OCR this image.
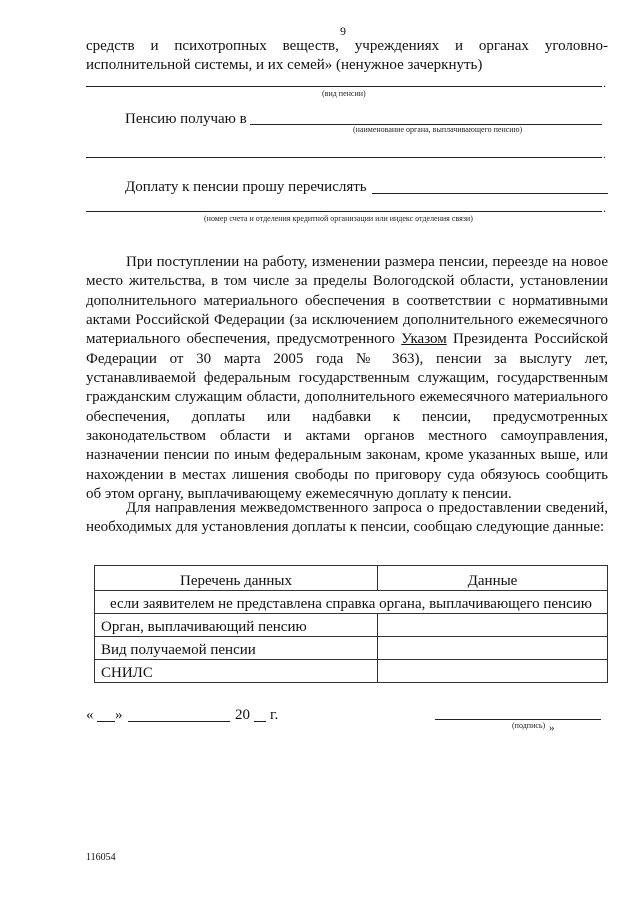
9
средств и психотропных веществ, учреждениях и органах уголовно-
исполнительной системы, и их семей» (ненужное зачеркнуть)
.
(вид пенсии)
Пенсию получаю в
(наименование органа, выплачивающего пенсию)
.
Доплату к пенсии прошу перечислять
.
(номер счета и отделения кредитной организации или индекс отделения связи)
При поступлении на работу, изменении размера пенсии, переезде на новое место жительства, в том числе за пределы Вологодской области, установлении дополнительного материального обеспечения в соответствии с нормативными актами Российской Федерации (за исключением дополнительного ежемесячного материального обеспечения, предусмотренного Указом Президента Российской Федерации от 30 марта 2005 года № 363), пенсии за выслугу лет, устанавливаемой федеральным государственным служащим, государственным гражданским служащим области, дополнительного ежемесячного материального обеспечения, доплаты или надбавки к пенсии, предусмотренных законодательством области и актами органов местного самоуправления, назначении пенсии по иным федеральным законам, кроме указанных выше, или нахождении в местах лишения свободы по приговору суда обязуюсь сообщить об этом органу, выплачивающему ежемесячную доплату к пенсии.
Для направления межведомственного запроса о предоставлении сведений, необходимых для установления доплаты к пенсии, сообщаю следующие данные:
Перечень данных	Данные
если заявителем не представлена справка органа, выплачивающего пенсию	
Орган, выплачивающий пенсию	
Вид получаемой пенсии	
СНИЛС	
« »	20 г.
(подпись) »
116054
